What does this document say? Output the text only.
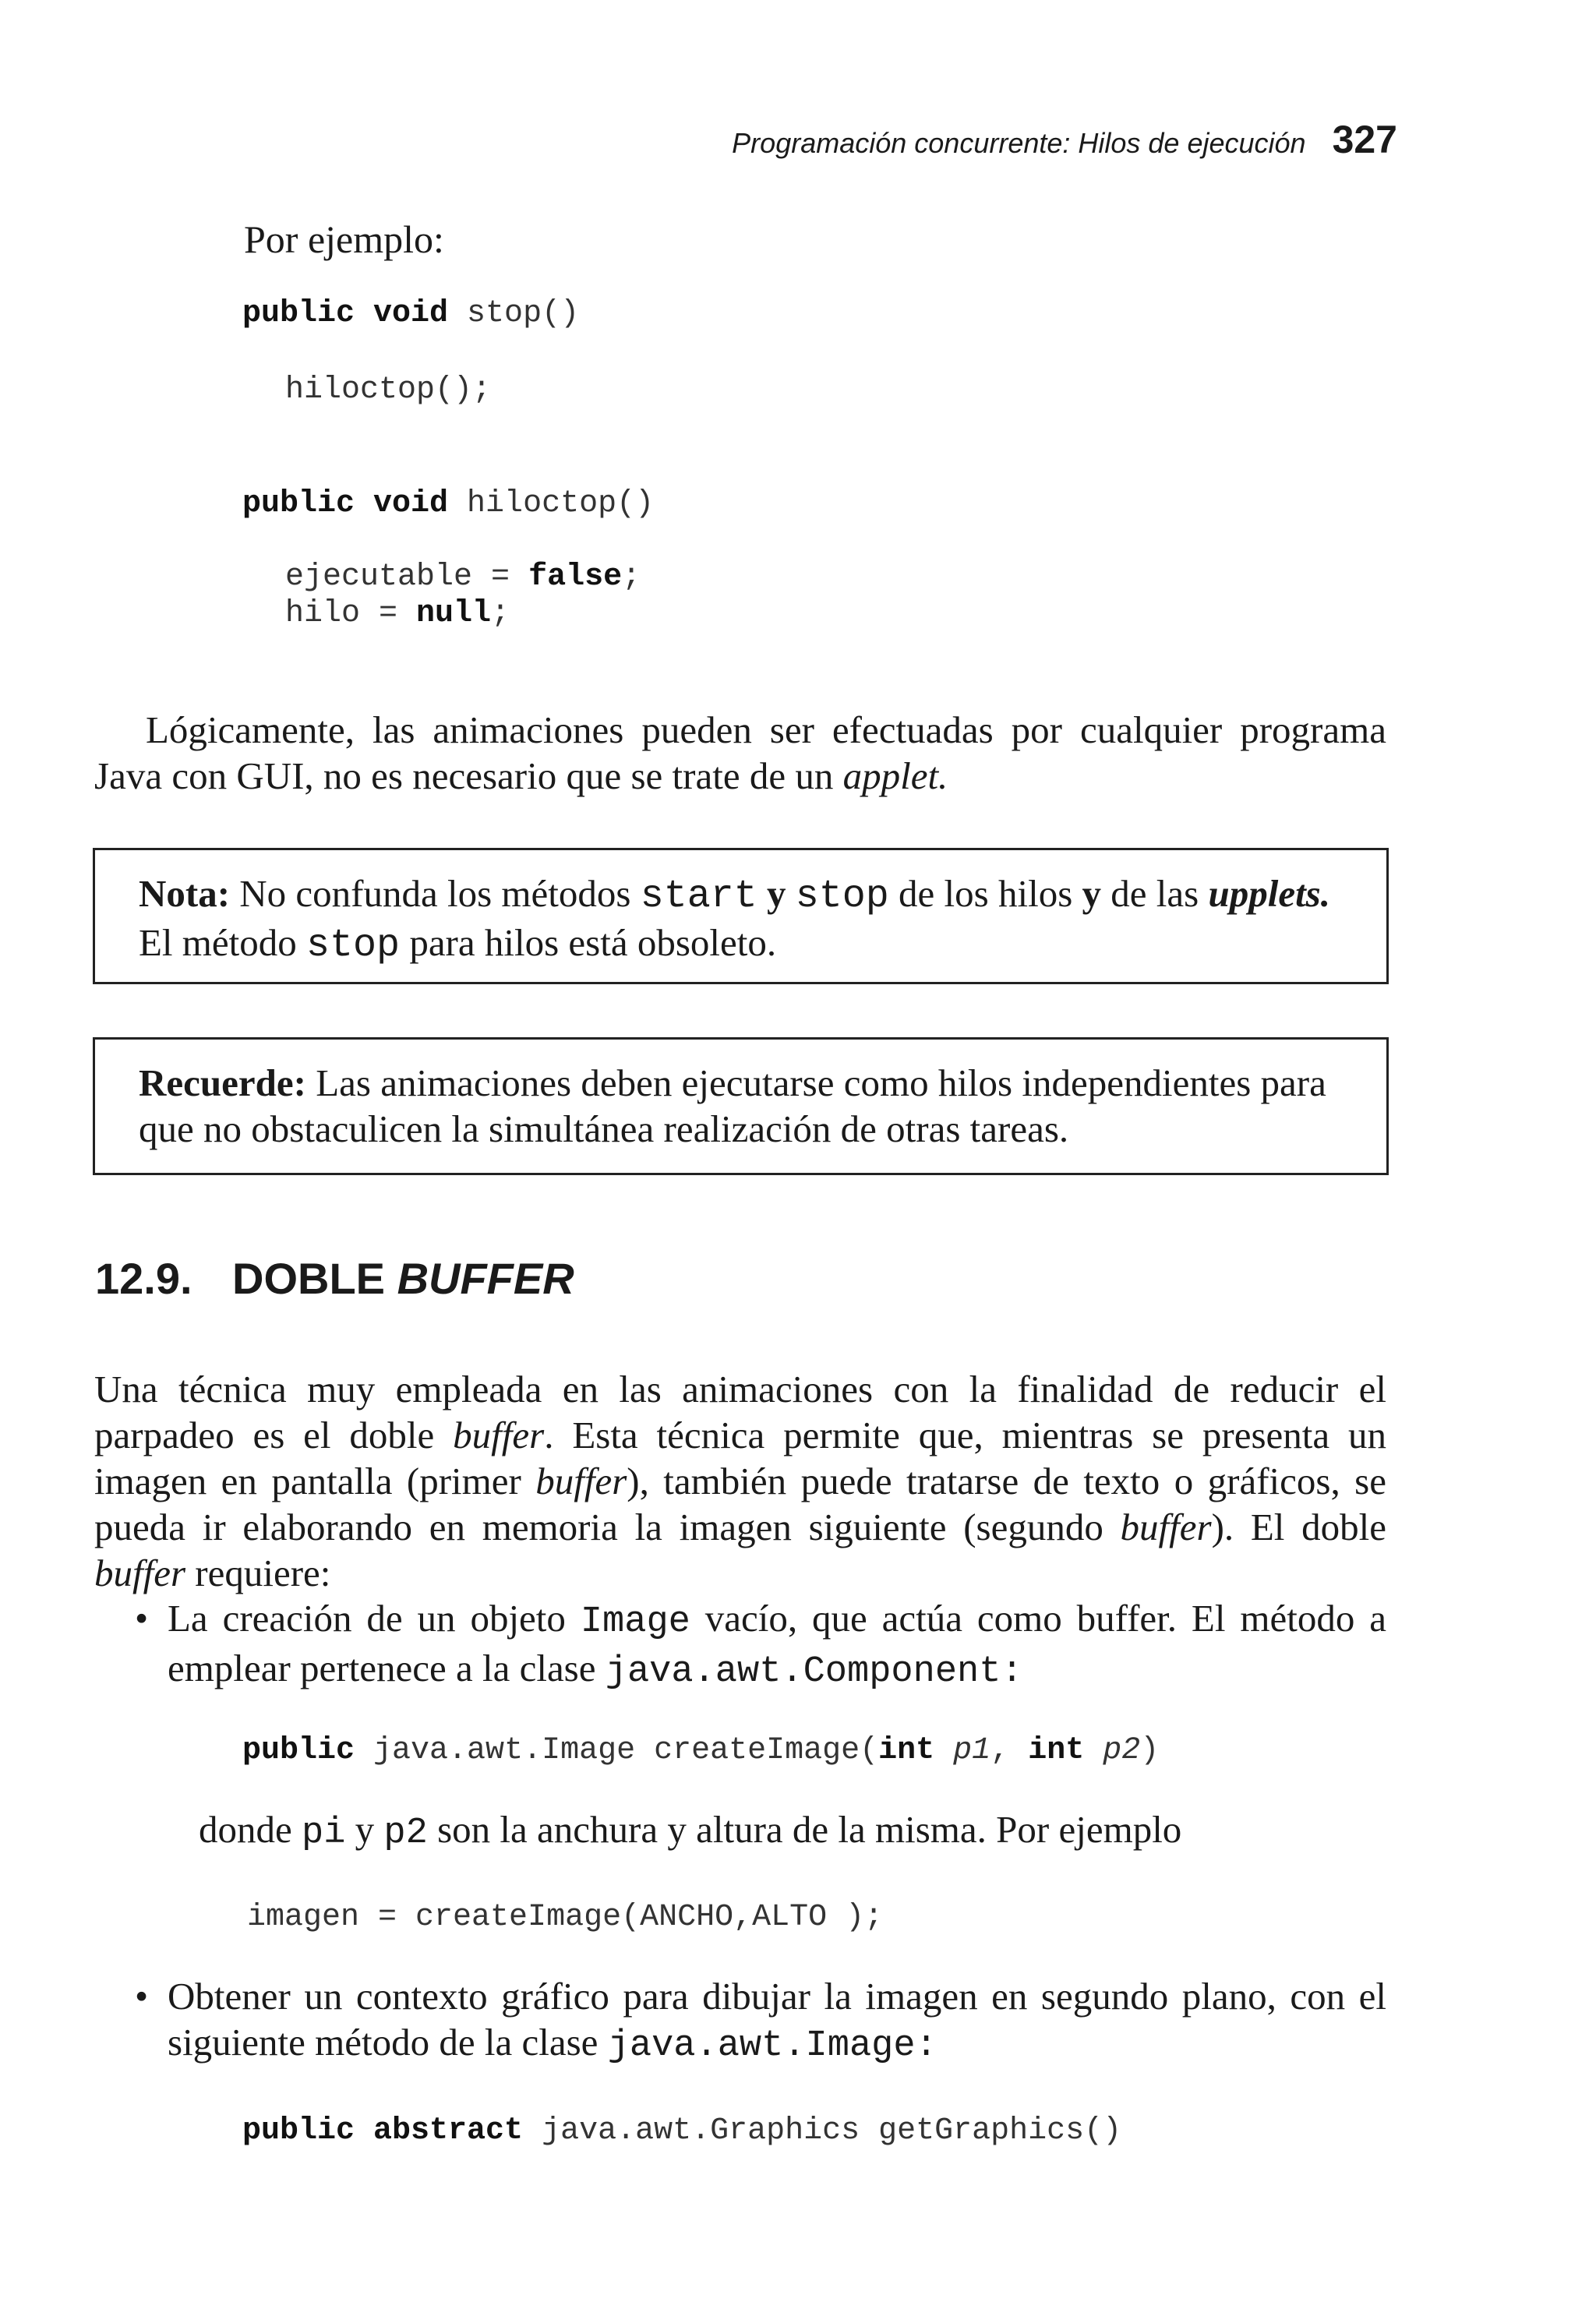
Programación concurrente: Hilos de ejecución 327
Por ejemplo:
public void stop()
hiloctop();
public void hiloctop()
ejecutable = false;
hilo = null;
Lógicamente, las animaciones pueden ser efectuadas por cualquier programa Java con GUI, no es necesario que se trate de un applet.
Nota: No confunda los métodos start y stop de los hilos y de las upplets.
El método stop para hilos está obsoleto.
Recuerde: Las animaciones deben ejecutarse como hilos independientes para que no obstaculicen la simultánea realización de otras tareas.
12.9. DOBLE BUFFER
Una técnica muy empleada en las animaciones con la finalidad de reducir el parpadeo es el doble buffer. Esta técnica permite que, mientras se presenta un imagen en pantalla (primer buffer), también puede tratarse de texto o gráficos, se pueda ir elaborando en memoria la imagen siguiente (segundo buffer). El doble buffer requiere:
• La creación de un objeto Image vacío, que actúa como buffer. El método a emplear pertenece a la clase java.awt.Component:
public java.awt.Image createImage(int p1, int p2)
donde pi y p2 son la anchura y altura de la misma. Por ejemplo
imagen = createImage(ANCHO,ALTO );
• Obtener un contexto gráfico para dibujar la imagen en segundo plano, con el siguiente método de la clase java.awt.Image:
public abstract java.awt.Graphics getGraphics()
